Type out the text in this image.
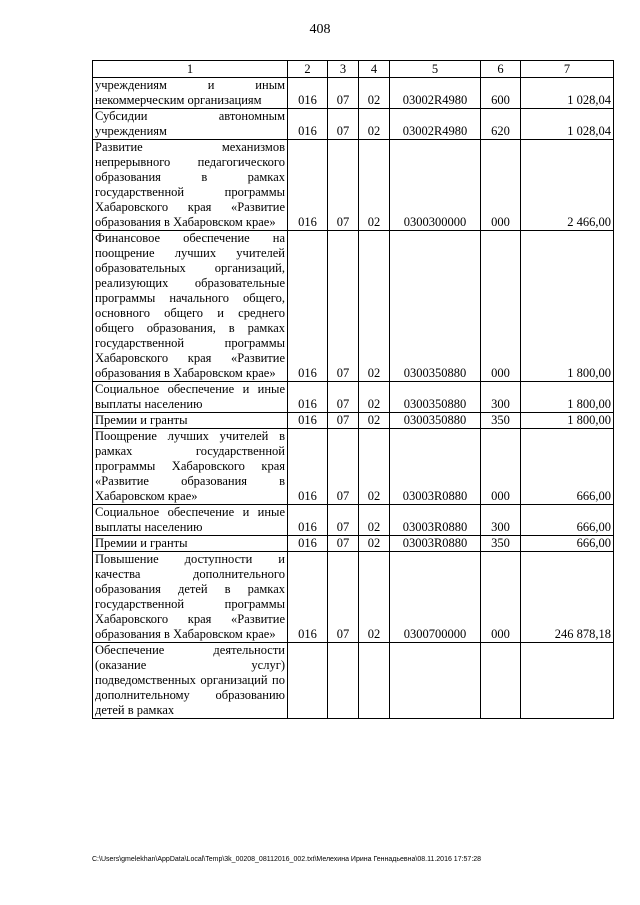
408
1	2	3	4	5	6	7
учреждениям и иным некоммерческим организациям	016	07	02	03002R4980	600	1 028,04
Субсидии автономным учреждениям	016	07	02	03002R4980	620	1 028,04
Развитие механизмов непрерывного педагогического образования в рамках государственной программы Хабаровского края «Развитие образования в Хабаровском крае»	016	07	02	0300300000	000	2 466,00
Финансовое обеспечение на поощрение лучших учителей образовательных организаций, реализующих образовательные программы начального общего, основного общего и среднего общего образования, в рамках государственной программы Хабаровского края «Развитие образования в Хабаровском крае»	016	07	02	0300350880	000	1 800,00
Социальное обеспечение и иные выплаты населению	016	07	02	0300350880	300	1 800,00
Премии и гранты	016	07	02	0300350880	350	1 800,00
Поощрение лучших учителей в рамках государственной программы Хабаровского края «Развитие образования в Хабаровском крае»	016	07	02	03003R0880	000	666,00
Социальное обеспечение и иные выплаты населению	016	07	02	03003R0880	300	666,00
Премии и гранты	016	07	02	03003R0880	350	666,00
Повышение доступности и качества дополнительного образования детей в рамках государственной программы Хабаровского края «Развитие образования в Хабаровском крае»	016	07	02	0300700000	000	246 878,18
Обеспечение деятельности (оказание услуг) подведомственных организаций по дополнительному образованию детей в рамках						
C:\Users\gmelekhan\AppData\Local\Temp\3k_00208_08112016_002.txt\Мелехина Ирина Геннадьевна\08.11.2016 17:57:28
